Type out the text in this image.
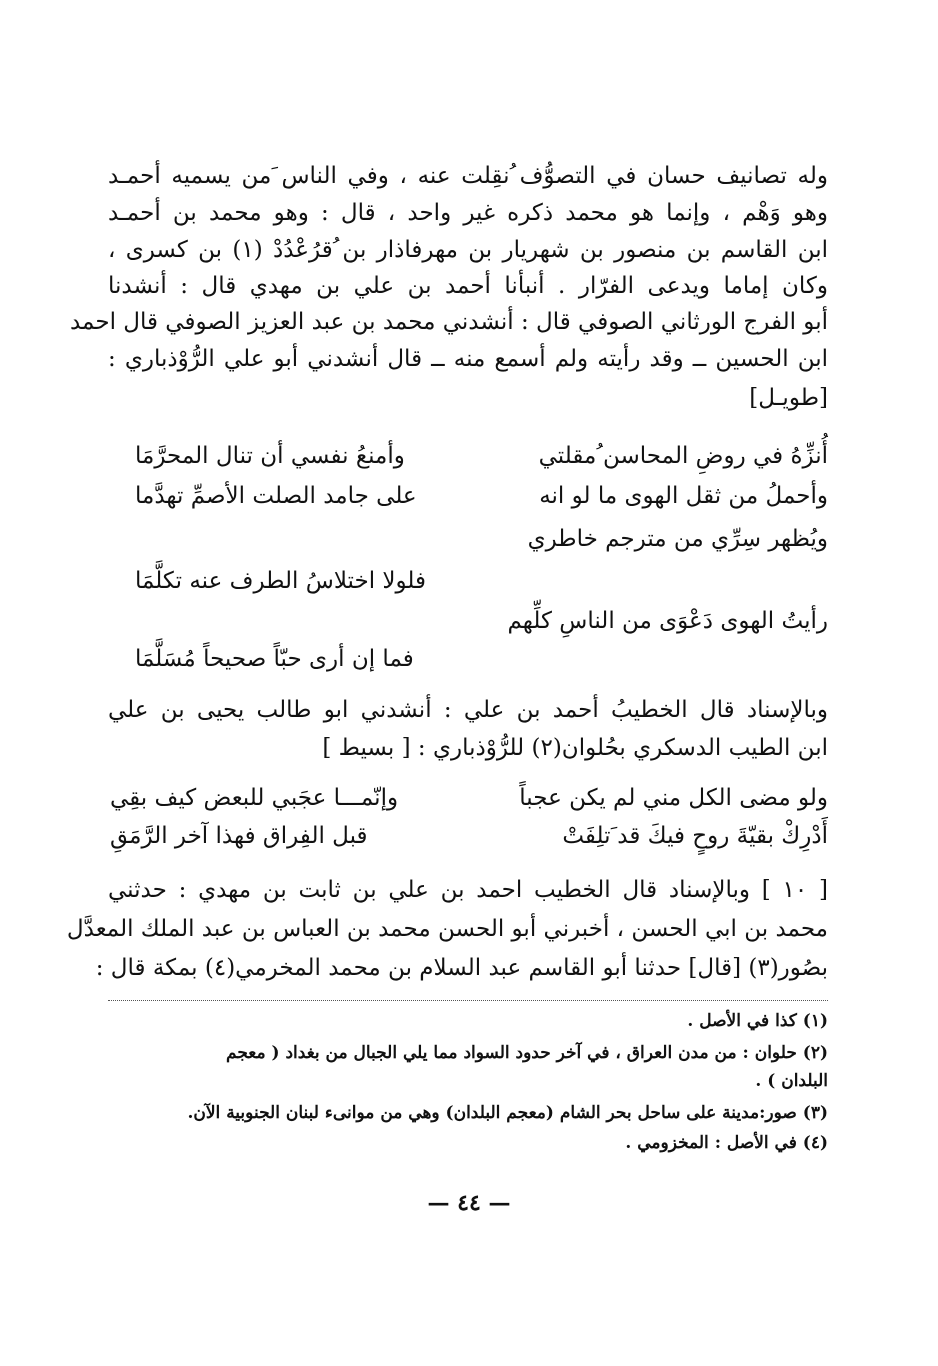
وله تصانيف حسان في التصوُّف ُنقِلت عنه ، وفي الناس َمن يسميه أحمـد
وهو وَهْم ، وإنما هو محمد ذكره غير واحد ، قال : وهو محمد بن أحمـد
ابن القاسم بن منصور بن شهريار بن مهرفاذار بن ُقرُعْدُدْ (١) بن كسرى ،
وكان إماما ويدعى الفرّار . أنبأنا أحمد بن علي بن مهدي قال : أنشدنا
أبو الفرج الورثاني الصوفي قال : أنشدني محمد بن عبد العزيز الصوفي قال احمد
ابن الحسين ــ وقد رأيته ولم أسمع منه ــ قال أنشدني أبو علي الرُّوْذباري :
[طويـل]
أُنزِّهُ في روضِ المحاسن ُمقلتي
وأمنعُ نفسي أن تنال المحرَّمَا
وأحملُ من ثقل الهوى ما لو انه
على جامد الصلت الأصمِّ تهدَّما
ويُظهر سِرِّي من مترجم خاطري
فلولا اختلاسُ الطرف عنه تكلَّمَا
رأيتُ الهوى دَعْوَى من الناسِ كلِّهم
فما إن أرى حبّاً صحيحاً مُسَلَّمَا
وبالإسناد قال الخطيبُ أحمد بن علي : أنشدني ابو طالب يحيى بن علي
ابن الطيب الدسكري بحُلوان(٢) للرُّوْذباري : [ بسيط ]
ولو مضى الكل مني لم يكن عجباً
وإنّمـــا عجَبي للبعض كيف بقِي
أَدْرِكْ بقيّةَ روحٍ فيكَ قد َتلِفَتْ
قبل الفِراق فهذا آخر الرَّمَقِ
[ ١٠ ] وبالإسناد قال الخطيب احمد بن علي بن ثابت بن مهدي : حدثني
محمد بن ابي الحسن ، أخبرني أبو الحسن محمد بن العباس بن عبد الملك المعدَّل
بصُور(٣) [قال] حدثنا أبو القاسم عبد السلام بن محمد المخرمي(٤) بمكة قال :
(١) كذا في الأصل .
(٢) حلوان : من مدن العراق ، في آخر حدود السواد مما يلي الجبال من بغداد ( معجم
البلدان ) .
(٣) صور:مدينة على ساحل بحر الشام (معجم البلدان) وهي من موانىء لبنان الجنوبية الآن.
(٤) في الأصل : المخزومي .
— ٤٤ —
